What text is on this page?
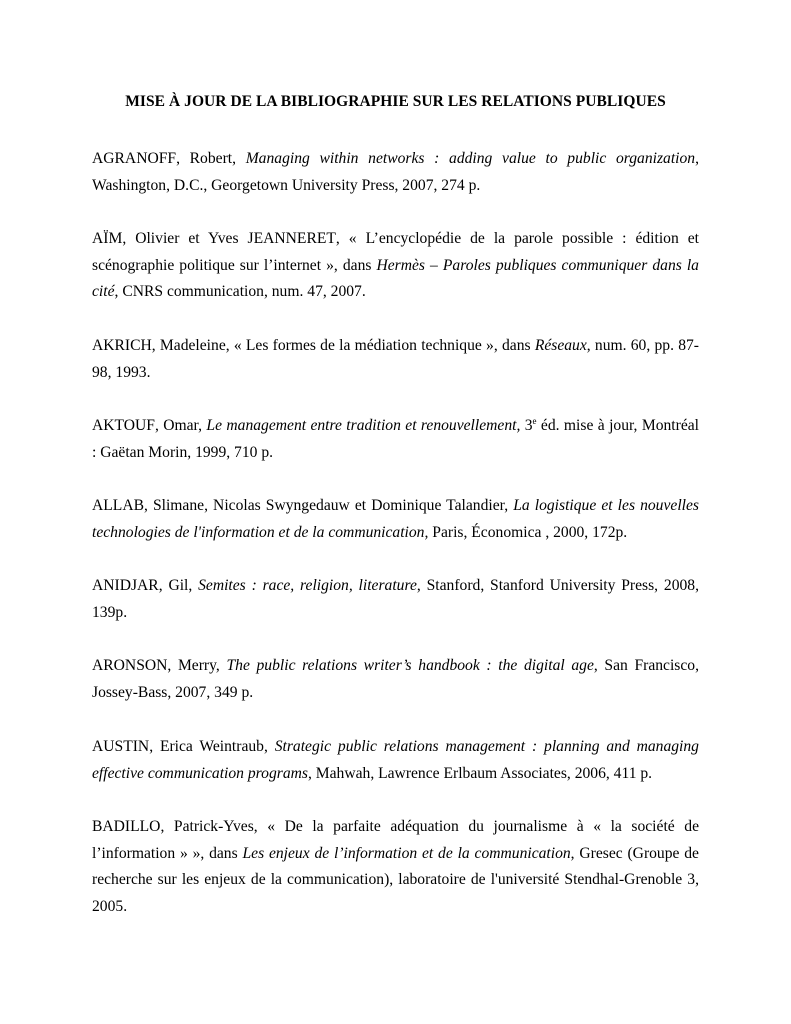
MISE À JOUR DE LA BIBLIOGRAPHIE SUR LES RELATIONS PUBLIQUES
AGRANOFF, Robert, Managing within networks : adding value to public organization, Washington, D.C., Georgetown University Press, 2007, 274 p.
AÏM, Olivier et Yves JEANNERET, « L’encyclopédie de la parole possible : édition et scénographie politique sur l’internet », dans Hermès – Paroles publiques communiquer dans la cité, CNRS communication, num. 47, 2007.
AKRICH, Madeleine, « Les formes de la médiation technique », dans Réseaux, num. 60, pp. 87-98, 1993.
AKTOUF, Omar, Le management entre tradition et renouvellement, 3e éd. mise à jour, Montréal : Gaëtan Morin, 1999, 710 p.
ALLAB, Slimane, Nicolas Swyngedauw et Dominique Talandier, La logistique et les nouvelles technologies de l'information et de la communication, Paris, Économica , 2000, 172p.
ANIDJAR, Gil, Semites : race, religion, literature, Stanford, Stanford University Press, 2008, 139p.
ARONSON, Merry, The public relations writer’s handbook : the digital age, San Francisco, Jossey-Bass, 2007, 349 p.
AUSTIN, Erica Weintraub, Strategic public relations management : planning and managing effective communication programs, Mahwah, Lawrence Erlbaum Associates, 2006, 411 p.
BADILLO, Patrick-Yves, « De la parfaite adéquation du journalisme à « la société de l’information » », dans Les enjeux de l’information et de la communication, Gresec (Groupe de recherche sur les enjeux de la communication), laboratoire de l'université Stendhal-Grenoble 3, 2005.
